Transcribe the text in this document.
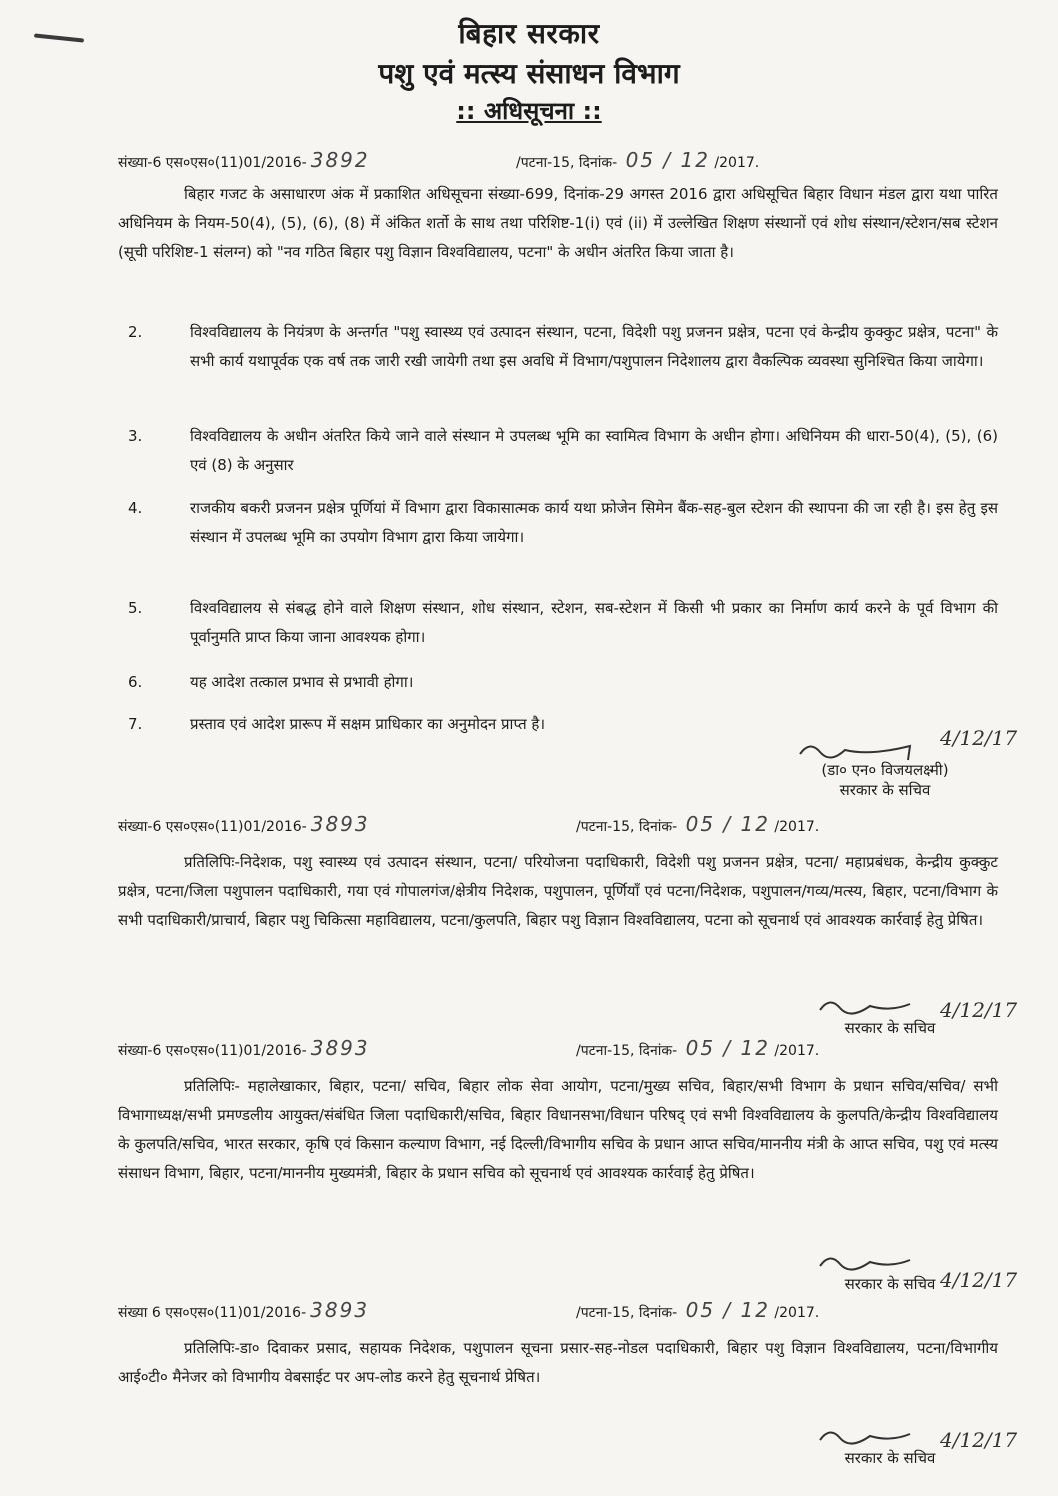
बिहार सरकार
पशु एवं मत्स्य संसाधन विभाग
:: अधिसूचना ::
संख्या-6 एस०एस०(11)01/2016- 3892	/पटना-15, दिनांक- 05 / 12 /2017.
बिहार गजट के असाधारण अंक में प्रकाशित अधिसूचना संख्या-699, दिनांक-29 अगस्त 2016 द्वारा अधिसूचित बिहार विधान मंडल द्वारा यथा पारित अधिनियम के नियम-50(4), (5), (6), (8) में अंकित शर्तो के साथ तथा परिशिष्ट-1(i) एवं (ii) में उल्लेखित शिक्षण संस्थानों एवं शोध संस्थान/स्टेशन/सब स्टेशन (सूची परिशिष्ट-1 संलग्न) को "नव गठित बिहार पशु विज्ञान विश्वविद्यालय, पटना" के अधीन अंतरित किया जाता है।
2.	विश्वविद्यालय के नियंत्रण के अन्तर्गत "पशु स्वास्थ्य एवं उत्पादन संस्थान, पटना, विदेशी पशु प्रजनन प्रक्षेत्र, पटना एवं केन्द्रीय कुक्कुट प्रक्षेत्र, पटना" के सभी कार्य यथापूर्वक एक वर्ष तक जारी रखी जायेगी तथा इस अवधि में विभाग/पशुपालन निदेशालय द्वारा वैकल्पिक व्यवस्था सुनिश्चित किया जायेगा।
3.	विश्वविद्यालय के अधीन अंतरित किये जाने वाले संस्थान मे उपलब्ध भूमि का स्वामित्व विभाग के अधीन होगा। अधिनियम की धारा-50(4), (5), (6) एवं (8) के अनुसार
4.	राजकीय बकरी प्रजनन प्रक्षेत्र पूर्णियां में विभाग द्वारा विकासात्मक कार्य यथा फ्रोजेन सिमेन बैंक-सह-बुल स्टेशन की स्थापना की जा रही है। इस हेतु इस संस्थान में उपलब्ध भूमि का उपयोग विभाग द्वारा किया जायेगा।
5.	विश्वविद्यालय से संबद्ध होने वाले शिक्षण संस्थान, शोध संस्थान, स्टेशन, सब-स्टेशन में किसी भी प्रकार का निर्माण कार्य करने के पूर्व विभाग की पूर्वानुमति प्राप्त किया जाना आवश्यक होगा।
6.	यह आदेश तत्काल प्रभाव से प्रभावी होगा।
7.	प्रस्ताव एवं आदेश प्रारूप में सक्षम प्राधिकार का अनुमोदन प्राप्त है।
(डा० एन० विजयलक्ष्मी)
सरकार के सचिव
4/12/17
संख्या-6 एस०एस०(11)01/2016- 3893	/पटना-15, दिनांक- 05 / 12 /2017.
प्रतिलिपिः-निदेशक, पशु स्वास्थ्य एवं उत्पादन संस्थान, पटना/ परियोजना पदाधिकारी, विदेशी पशु प्रजनन प्रक्षेत्र, पटना/ महाप्रबंधक, केन्द्रीय कुक्कुट प्रक्षेत्र, पटना/जिला पशुपालन पदाधिकारी, गया एवं गोपालगंज/क्षेत्रीय निदेशक, पशुपालन, पूर्णियाँ एवं पटना/निदेशक, पशुपालन/गव्य/मत्स्य, बिहार, पटना/विभाग के सभी पदाधिकारी/प्राचार्य, बिहार पशु चिकित्सा महाविद्यालय, पटना/कुलपति, बिहार पशु विज्ञान विश्वविद्यालय, पटना को सूचनार्थ एवं आवश्यक कार्रवाई हेतु प्रेषित।
सरकार के सचिव
4/12/17
संख्या-6 एस०एस०(11)01/2016- 3893	/पटना-15, दिनांक- 05 / 12 /2017.
प्रतिलिपिः- महालेखाकार, बिहार, पटना/ सचिव, बिहार लोक सेवा आयोग, पटना/मुख्य सचिव, बिहार/सभी विभाग के प्रधान सचिव/सचिव/ सभी विभागाध्यक्ष/सभी प्रमण्डलीय आयुक्त/संबंधित जिला पदाधिकारी/सचिव, बिहार विधानसभा/विधान परिषद् एवं सभी विश्वविद्यालय के कुलपति/केन्द्रीय विश्वविद्यालय के कुलपति/सचिव, भारत सरकार, कृषि एवं किसान कल्याण विभाग, नई दिल्ली/विभागीय सचिव के प्रधान आप्त सचिव/माननीय मंत्री के आप्त सचिव, पशु एवं मत्स्य संसाधन विभाग, बिहार, पटना/माननीय मुख्यमंत्री, बिहार के प्रधान सचिव को सूचनार्थ एवं आवश्यक कार्रवाई हेतु प्रेषित।
सरकार के सचिव 4/12/17
संख्या 6 एस०एस०(11)01/2016- 3893	/पटना-15, दिनांक- 05 / 12 /2017.
प्रतिलिपिः-डा० दिवाकर प्रसाद, सहायक निदेशक, पशुपालन सूचना प्रसार-सह-नोडल पदाधिकारी, बिहार पशु विज्ञान विश्वविद्यालय, पटना/विभागीय आई०टी० मैनेजर को विभागीय वेबसाईट पर अप-लोड करने हेतु सूचनार्थ प्रेषित।
सरकार के सचिव
4/12/17
